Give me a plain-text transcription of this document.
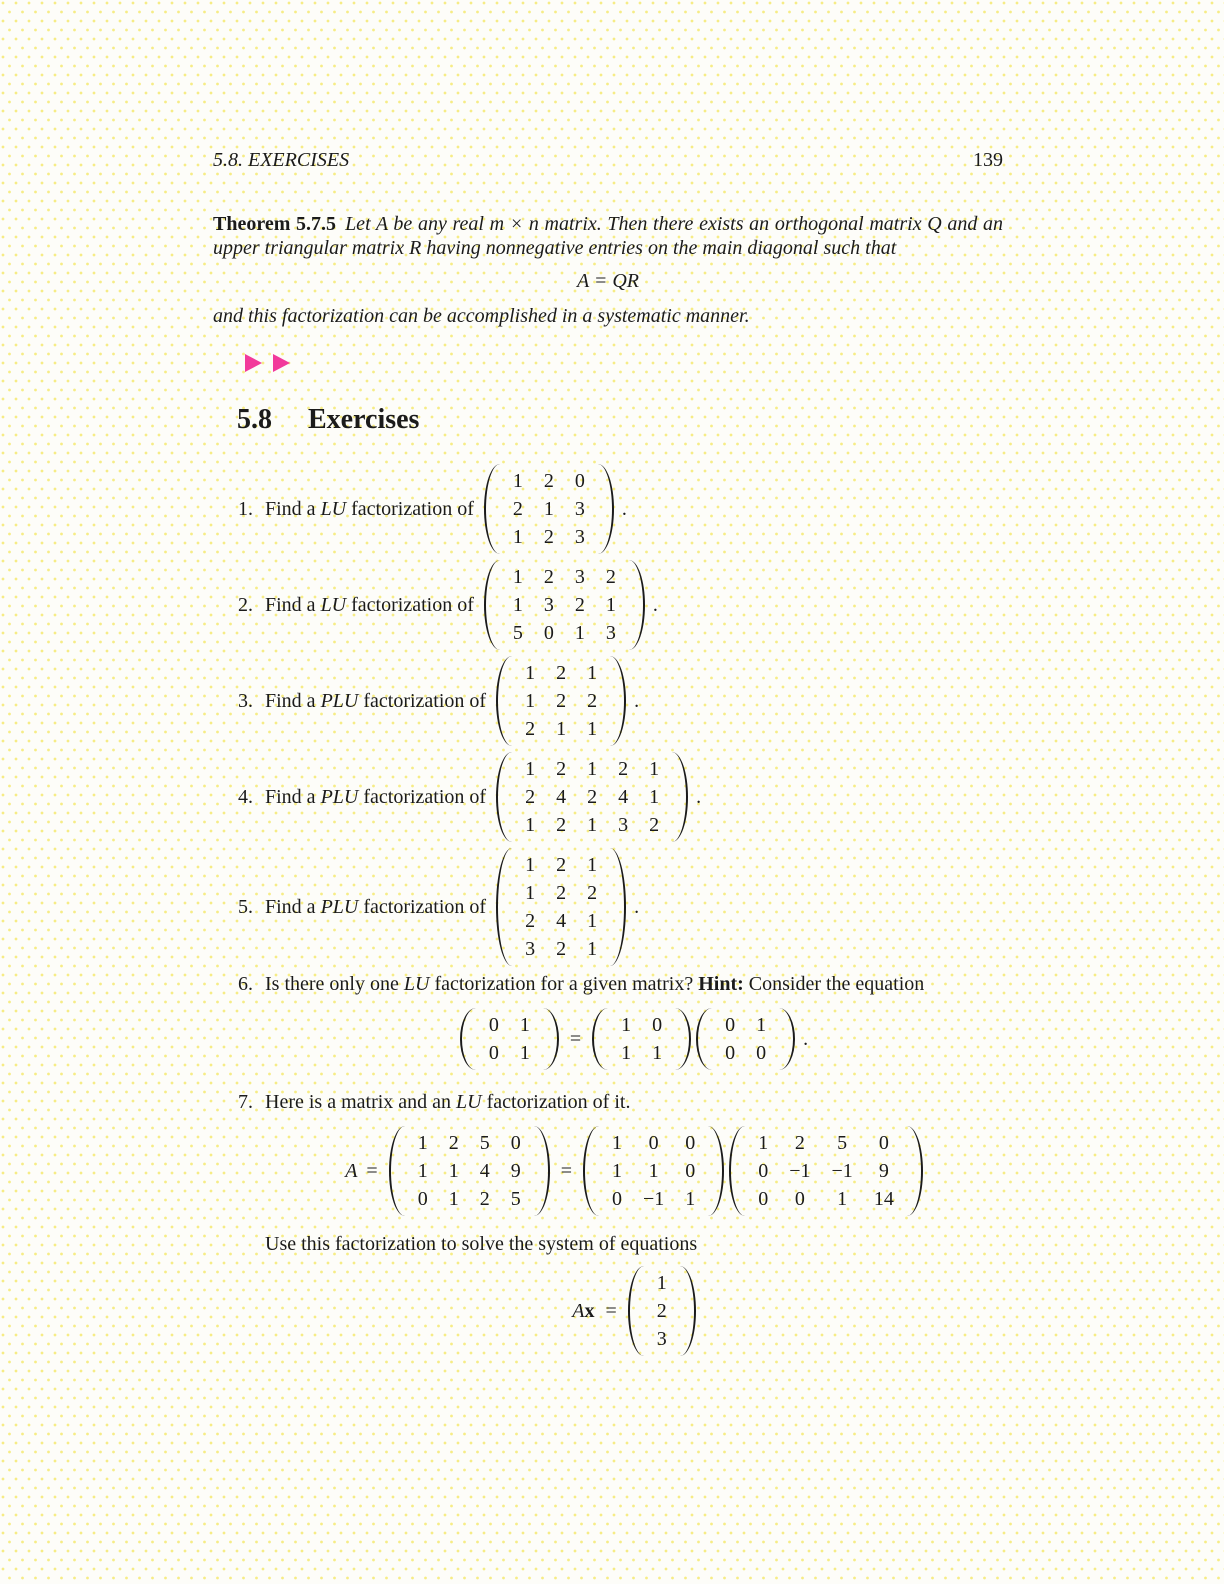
5.8. EXERCISES	139
Theorem 5.7.5 Let A be any real m × n matrix. Then there exists an orthogonal matrix Q and an upper triangular matrix R having nonnegative entries on the main diagonal such that
A = QR
and this factorization can be accomplished in a systematic manner.
5.8 Exercises
1. Find a LU factorization of
1 2 0
2 1 3
1 2 3
.
2. Find a LU factorization of
1 2 3 2
1 3 2 1
5 0 1 3
.
3. Find a PLU factorization of
1 2 1
1 2 2
2 1 1
.
4. Find a PLU factorization of
1 2 1 2 1
2 4 2 4 1
1 2 1 3 2
.
5. Find a PLU factorization of
1 2 1
1 2 2
2 4 1
3 2 1
.
6. Is there only one LU factorization for a given matrix? Hint: Consider the equation
0 1
0 1
=
1 0
1 1
0 1
0 0
.
7. Here is a matrix and an LU factorization of it.
A =
1 2 5 0
1 1 4 9
0 1 2 5
=
1 0 0
1 1 0
0 −1 1
1 2 5 0
0 −1 −1 9
0 0 1 14
Use this factorization to solve the system of equations
A x =
1
2
3
